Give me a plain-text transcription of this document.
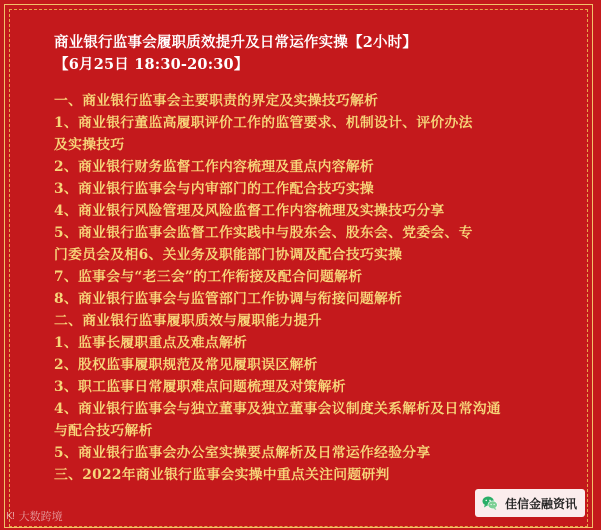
商业银行监事会履职质效提升及日常运作实操【2小时】
【6月25日 18:30-20:30】
一、商业银行监事会主要职责的界定及实操技巧解析
1、商业银行董监高履职评价工作的监管要求、机制设计、评价办法
及实操技巧
2、商业银行财务监督工作内容梳理及重点内容解析
3、商业银行监事会与内审部门的工作配合技巧实操
4、商业银行风险管理及风险监督工作内容梳理及实操技巧分享
5、商业银行监事会监督工作实践中与股东会、股东会、党委会、专
门委员会及相6、关业务及职能部门协调及配合技巧实操
7、监事会与“老三会”的工作衔接及配合问题解析
8、商业银行监事会与监管部门工作协调与衔接问题解析
二、商业银行监事履职质效与履职能力提升
1、监事长履职重点及难点解析
2、股权监事履职规范及常见履职误区解析
3、职工监事日常履职难点问题梳理及对策解析
4、商业银行监事会与独立董事及独立董事会议制度关系解析及日常沟通
与配合技巧解析
5、商业银行监事会办公室实操要点解析及日常运作经验分享
三、2022年商业银行监事会实操中重点关注问题研判
K! 大数跨境
佳信金融资讯
